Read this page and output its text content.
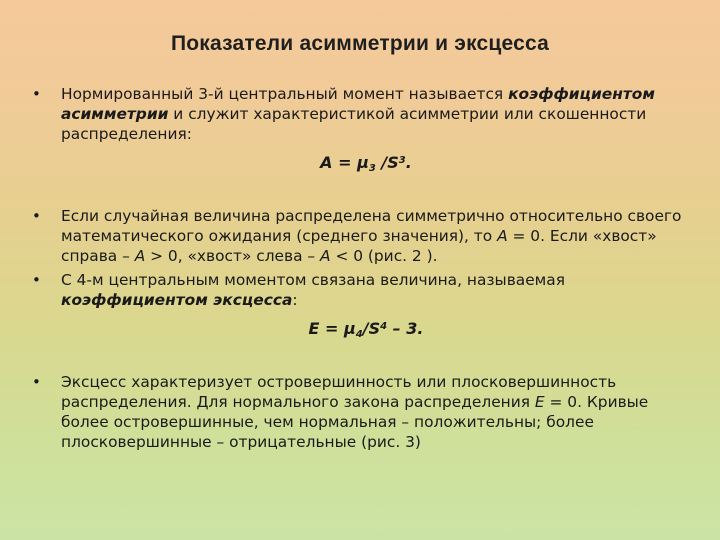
Показатели асимметрии и эксцесса
• Нормированный 3-й центральный момент называется коэффициентом асимметрии и служит характеристикой асимметрии или скошенности распределения:
$А = \mu_3$ $/S^3$.
• Если случайная величина распределена симметрично относительно своего математического ожидания (среднего значения), то А = 0. Если «хвост» справа – А > 0, «хвост» слева – А < 0 (рис. 2 ).
• С 4-м центральным моментом связана величина, называемая коэффициентом эксцесса:
$Е = \mu_4/S^4 - 3$.
• Эксцесс характеризует островершинность или плосковершинность распределения. Для нормального закона распределения Е = 0. Кривые более островершинные, чем нормальная – положительны; более плосковершинные – отрицательные (рис. 3)
